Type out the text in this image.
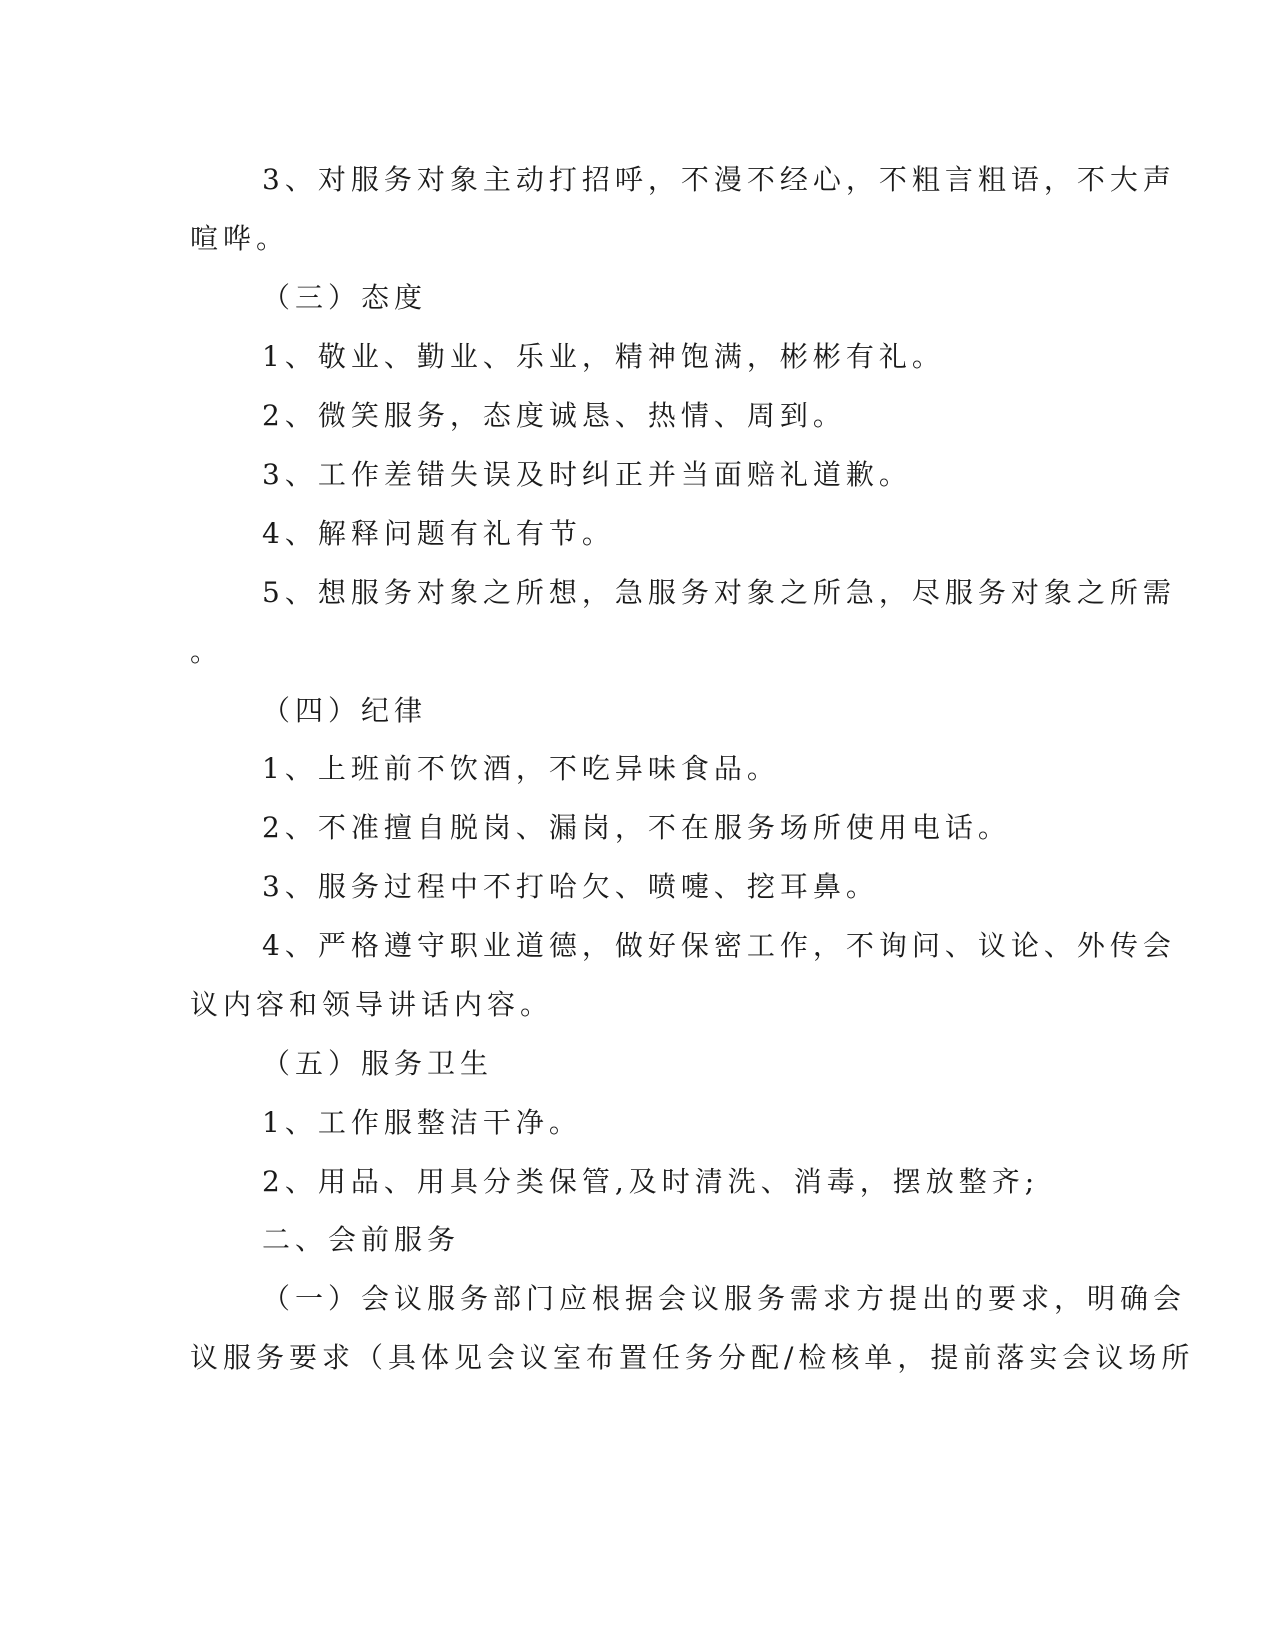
3、对服务对象主动打招呼，不漫不经心，不粗言粗语，不大声

喧哗。

（三）态度

1、敬业、勤业、乐业，精神饱满，彬彬有礼。

2、微笑服务，态度诚恳、热情、周到。

3、工作差错失误及时纠正并当面赔礼道歉。

4、解释问题有礼有节。

5、想服务对象之所想，急服务对象之所急，尽服务对象之所需

。

（四）纪律

1、上班前不饮酒，不吃异味食品。

2、不准擅自脱岗、漏岗，不在服务场所使用电话。

3、服务过程中不打哈欠、喷嚏、挖耳鼻。

4、严格遵守职业道德，做好保密工作，不询问、议论、外传会

议内容和领导讲话内容。

（五）服务卫生

1、工作服整洁干净。

2、用品、用具分类保管,及时清洗、消毒，摆放整齐;

二、会前服务

（一）会议服务部门应根据会议服务需求方提出的要求，明确会

议服务要求（具体见会议室布置任务分配/检核单，提前落实会议场所
